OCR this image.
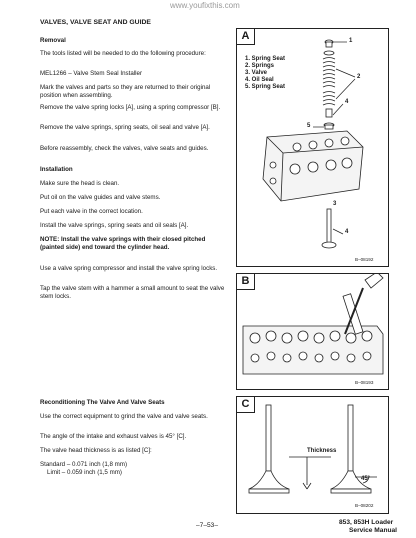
www.youfixthis.com
VALVES, VALVE SEAT AND GUIDE
Removal
The tools listed will be needed to do the following procedure:
MEL1266 – Valve Stem Seal Installer
Mark the valves and parts so they are returned to their original position when assembling.
Remove the valve spring locks [A], using a spring compressor [B].
Remove the valve springs, spring seats, oil seal and valve [A].
Before reassembly, check the valves, valve seats and guides.
Installation
Make sure the head is clean.
Put oil on the valve guides and valve stems.
Put each valve in the correct location.
Install the valve springs, spring seats and oil seals [A].
NOTE: Install the valve springs with their closed pitched (painted side) end toward the cylinder head.
Use a valve spring compressor and install the valve spring locks.
Tap the valve stem with a hammer a small amount to seat the valve stem locks.
Reconditioning The Valve And Valve Seats
Use the correct equipment to grind the valve and valve seats.
The angle of the intake and exhaust valves is 45° [C].
The valve head thickness is as listed [C]:
Standard – 0.071 inch (1,8 mm)
Limit – 0.059 inch (1,5 mm)
A
1. Spring Seat
2. Springs
3. Valve
4. Oil Seal
5. Spring Seat
1
2
4
5
3
4
B–08192
B
B–08193
C
Thickness
45°
B–08202
–7–53–	853, 853H Loader
Service Manual
